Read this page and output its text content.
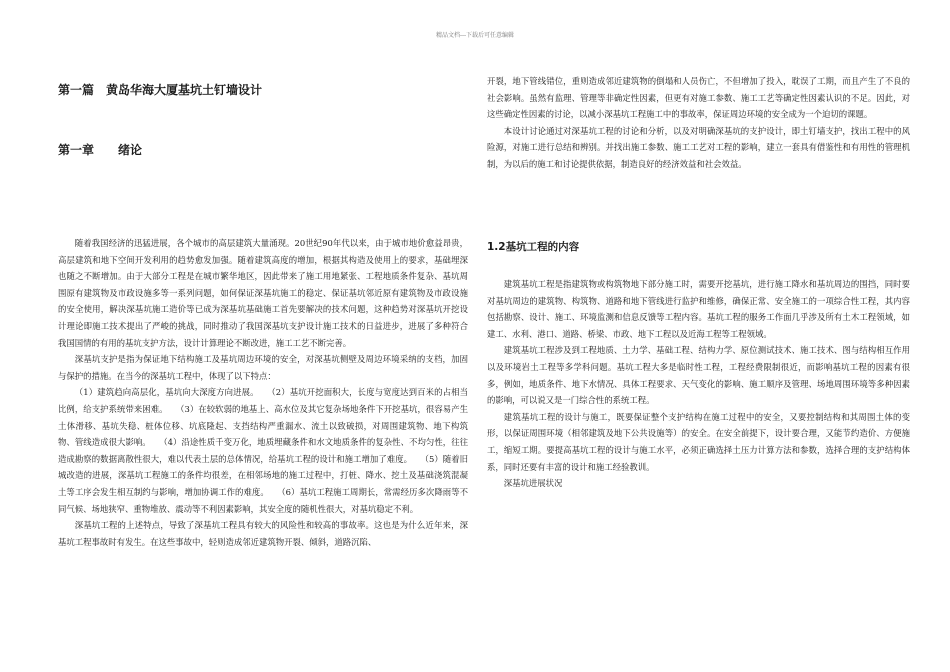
精品文档---下载后可任意编辑
第一篇　黄岛华海大厦基坑土钉墙设计
第一章　　绪论

随着我国经济的迅猛进展，各个城市的高层建筑大量涌现。20世纪90年代以来，由于城市地价愈益昂贵，高层建筑和地下空间开发利用的趋势愈发加强。随着建筑高度的增加，根据其构造及使用上的要求，基础埋深也随之不断增加。由于大部分工程是在城市繁华地区，因此带来了施工用地紧张、工程地质条件复杂、基坑周围原有建筑物及市政设施多等一系列问题，如何保证深基坑施工的稳定、保证基坑邻近原有建筑物及市政设施的安全使用，解决深基坑施工造价等已成为深基坑基础施工首先要解决的技术问题，这种趋势对深基坑开挖设计理论即施工技术提出了严峻的挑战，同时推动了我国深基坑支护设计施工技术的日益进步，进展了多种符合我国国情的有用的基坑支护方法，设计计算理论不断改进，施工工艺不断完善。

深基坑支护是指为保证地下结构施工及基坑周边环境的安全，对深基坑侧壁及周边环境采纳的支档，加固与保护的措施。在当今的深基坑工程中，体现了以下特点：

（1）建筑趋向高层化，基坑向大深度方向进展。　　（2）基坑开挖面积大，长度与宽度达到百米的占相当比例，给支护系统带来困难。　　（3）在较软弱的地基上、高水位及其它复杂场地条件下开挖基坑，很容易产生土体滑移、基坑失稳、桩体位移、坑底隆起、支挡结构严重漏水、流土以致破损，对周围建筑物、地下构筑物、管线造成很大影响。　　（4）沿途性质千变万化，地质埋藏条件和水文地质条件的复杂性、不均匀性，往往造成勘察的数据离散性很大，难以代表土层的总体情况，给基坑工程的设计和施工增加了难度。　　（5）随着旧城改造的进展，深基坑工程施工的条件均很差，在相邻场地的施工过程中，打桩、降水、挖土及基础浇筑混凝土等工序会发生相互制约与影响，增加协调工作的难度。　　（6）基坑工程施工周期长，常需经历多次降雨等不同气候、场地狭窄、重物堆放、震动等不利因素影响，其安全度的随机性很大，对基坑稳定不利。

深基坑工程的上述特点，导致了深基坑工程具有较大的风险性和较高的事故率。这也是为什么近年来，深基坑工程事故时有发生。在这些事故中，轻则造成邻近建筑物开裂、倾斜，道路沉陷、

开裂，地下管线错位，重则造成邻近建筑物的倒塌和人员伤亡，不但增加了投入，耽误了工期，而且产生了不良的社会影响。虽然有监理、管理等非确定性因素，但更有对施工参数、施工工艺等确定性因素认识的不足。因此，对这些确定性因素的讨论，以减小深基坑工程施工中的事故率，保证周边环境的安全成为一个迫切的课题。

本设计讨论通过对深基坑工程的讨论和分析，以及对明确深基坑的支护设计，即土钉墙支护，找出工程中的风险源，对施工进行总结和辨别。并找出施工参数、施工工艺对工程的影响，建立一套具有借鉴性和有用性的管理机制，为以后的施工和讨论提供依据，制造良好的经济效益和社会效益。

1.2基坑工程的内容

建筑基坑工程是指建筑物或构筑物地下部分施工时，需要开挖基坑，进行施工降水和基坑周边的围挡，同时要对基坑周边的建筑物、构筑物、道路和地下管线进行监护和维修，确保正常、安全施工的一项综合性工程，其内容包括勘察、设计、施工、环境监测和信息反馈等工程内容。基坑工程的服务工作面几乎涉及所有土木工程领域，如建工、水利、港口、道路、桥梁、市政、地下工程以及近海工程等工程领域。

建筑基坑工程涉及到工程地质、土力学、基础工程、结构力学、原位测试技术、施工技术、图与结构相互作用以及环境岩土工程等多学科问题。基坑工程大多是临时性工程，工程经费限制很近，而影响基坑工程的因素有很多，例如，地质条件、地下水情况、具体工程要求、天气变化的影响、施工顺序及管理、场地周围环境等多种因素的影响，可以说又是一门综合性的系统工程。

建筑基坑工程的设计与施工，既要保证整个支护结构在施工过程中的安全，又要控制结构和其周围土体的变形，以保证周围环境（相邻建筑及地下公共设施等）的安全。在安全前提下，设计要合理，又能节约造价、方便施工，缩短工期。要提高基坑工程的设计与施工水平，必须正确选择土压力计算方法和参数，选择合理的支护结构体系，同时还要有丰富的设计和施工经验教训。

深基坑进展状况
